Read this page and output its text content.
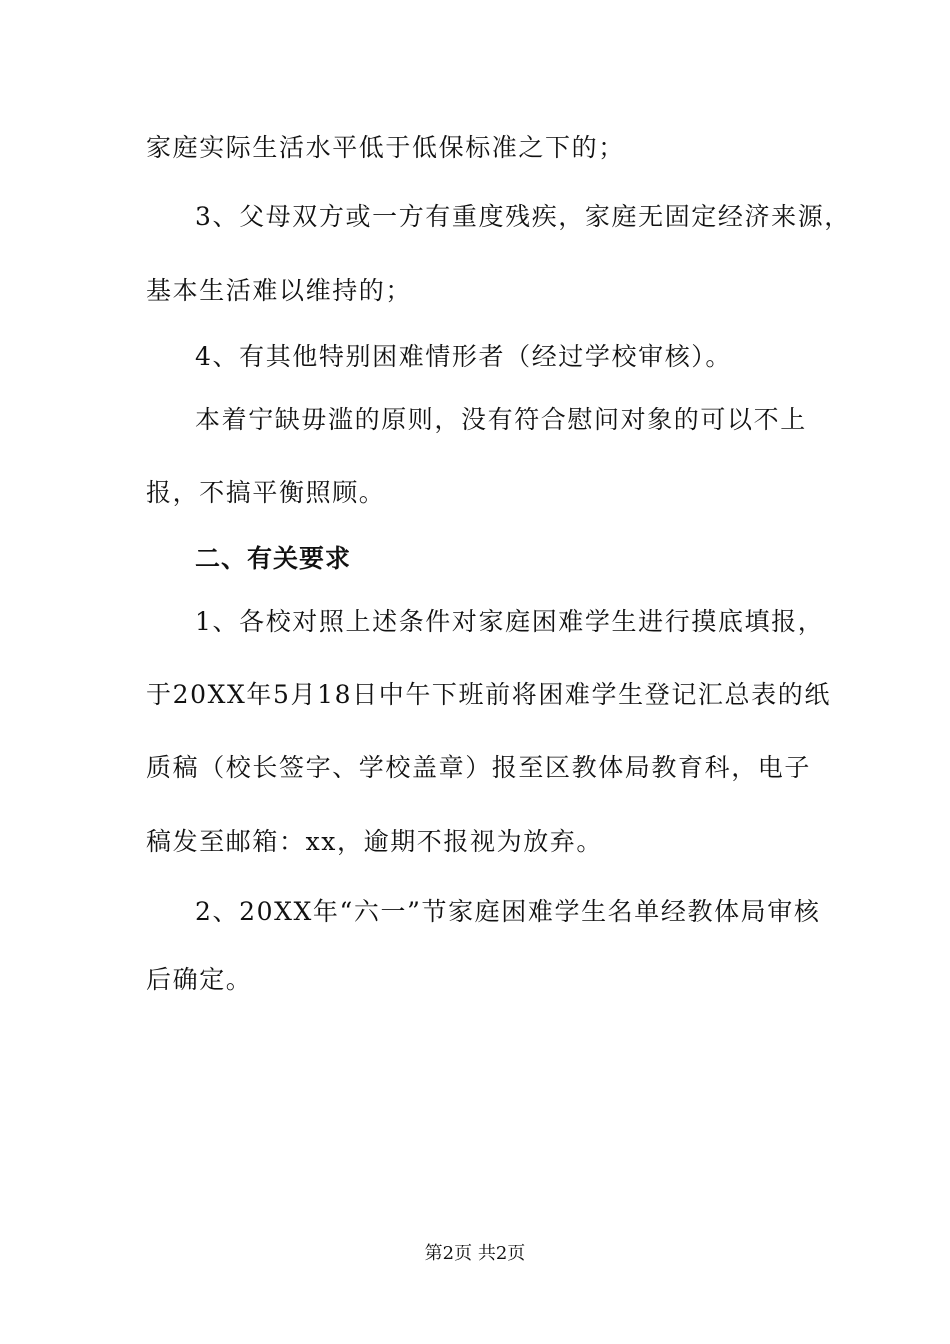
家庭实际生活水平低于低保标准之下的；
3、父母双方或一方有重度残疾，家庭无固定经济来源，
基本生活难以维持的；
4、有其他特别困难情形者（经过学校审核）。
本着宁缺毋滥的原则，没有符合慰问对象的可以不上
报，不搞平衡照顾。
二、有关要求
1、各校对照上述条件对家庭困难学生进行摸底填报，
于20XX年5月18日中午下班前将困难学生登记汇总表的纸
质稿（校长签字、学校盖章）报至区教体局教育科，电子
稿发至邮箱：xx，逾期不报视为放弃。
2、20XX年“六一”节家庭困难学生名单经教体局审核
后确定。
第2页 共2页
